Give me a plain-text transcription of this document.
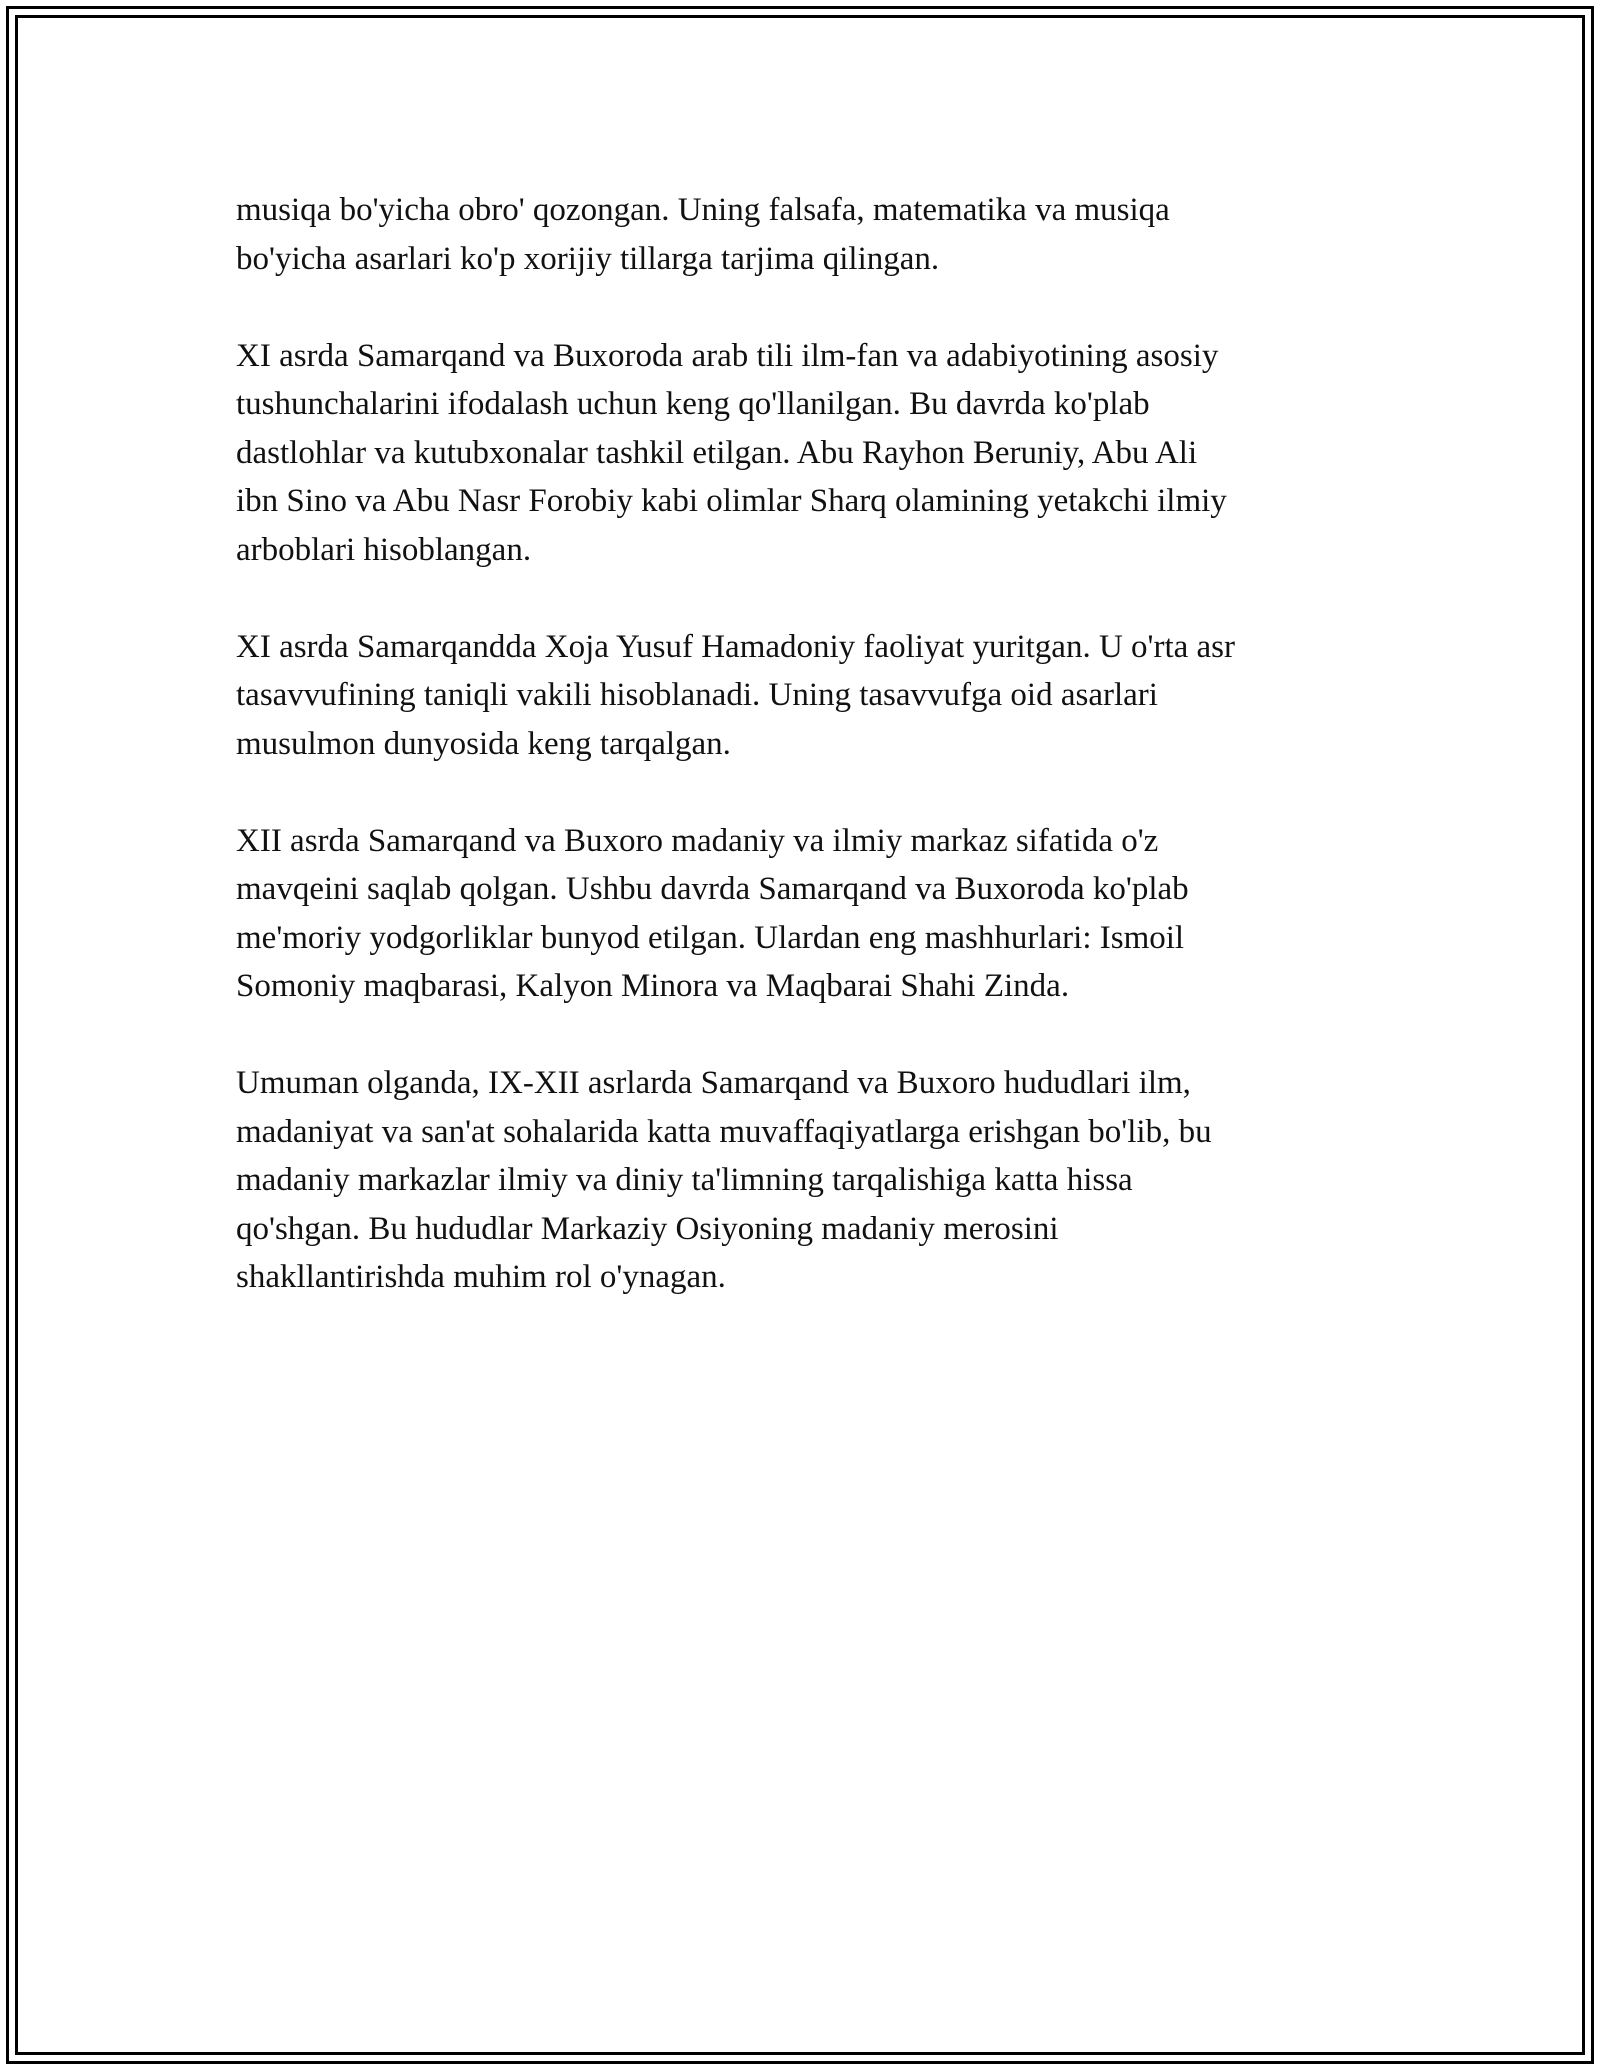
musiqa bo'yicha obro' qozongan. Uning falsafa, matematika va musiqa
bo'yicha asarlari ko'p xorijiy tillarga tarjima qilingan.

XI asrda Samarqand va Buxoroda arab tili ilm-fan va adabiyotining asosiy
tushunchalarini ifodalash uchun keng qo'llanilgan. Bu davrda ko'plab
dastlohlar va kutubxonalar tashkil etilgan. Abu Rayhon Beruniy, Abu Ali
ibn Sino va Abu Nasr Forobiy kabi olimlar Sharq olamining yetakchi ilmiy
arboblari hisoblangan.

XI asrda Samarqandda Xoja Yusuf Hamadoniy faoliyat yuritgan. U o'rta asr
tasavvufining taniqli vakili hisoblanadi. Uning tasavvufga oid asarlari
musulmon dunyosida keng tarqalgan.

XII asrda Samarqand va Buxoro madaniy va ilmiy markaz sifatida o'z
mavqeini saqlab qolgan. Ushbu davrda Samarqand va Buxoroda ko'plab
me'moriy yodgorliklar bunyod etilgan. Ulardan eng mashhurlari: Ismoil
Somoniy maqbarasi, Kalyon Minora va Maqbarai Shahi Zinda.

Umuman olganda, IX-XII asrlarda Samarqand va Buxoro hududlari ilm,
madaniyat va san'at sohalarida katta muvaffaqiyatlarga erishgan bo'lib, bu
madaniy markazlar ilmiy va diniy ta'limning tarqalishiga katta hissa
qo'shgan. Bu hududlar Markaziy Osiyoning madaniy merosini
shakllantirishda muhim rol o'ynagan.
